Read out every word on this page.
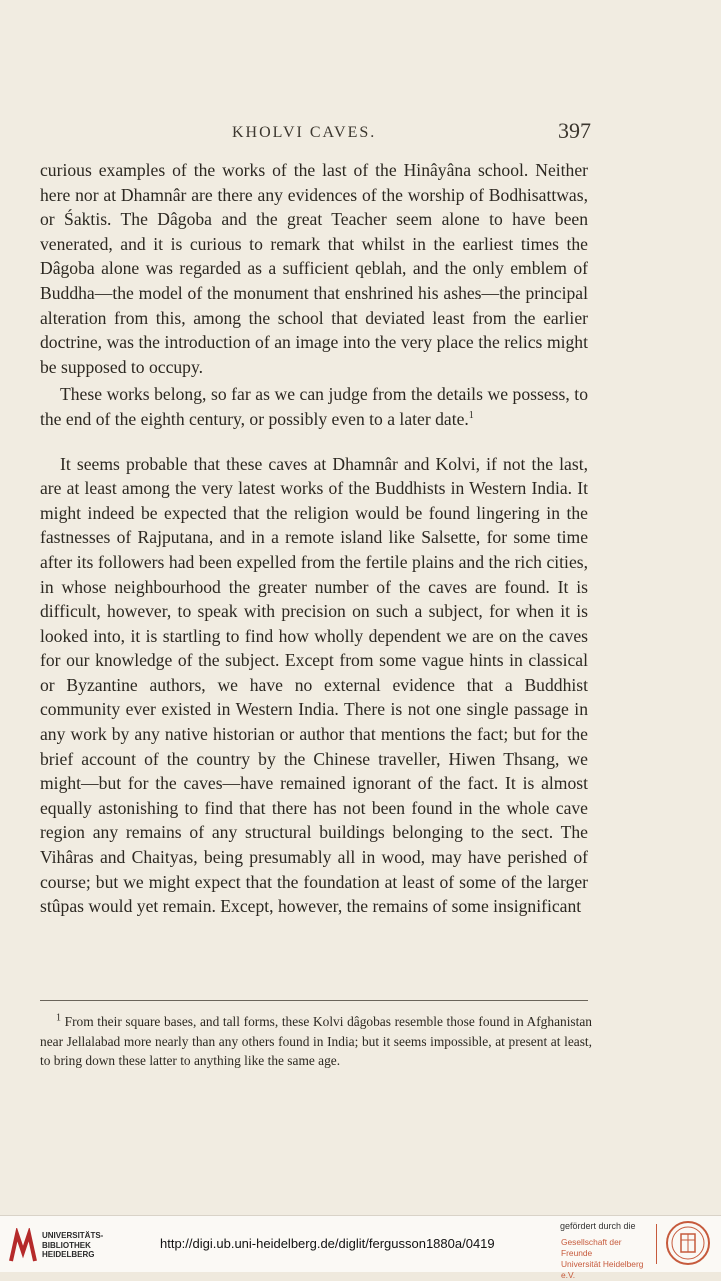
KHOLVI CAVES.	397

curious examples of the works of the last of the Hinâyâna school. Neither here nor at Dhamnâr are there any evidences of the worship of Bodhisattwas, or Śaktis. The Dâgoba and the great Teacher seem alone to have been venerated, and it is curious to remark that whilst in the earliest times the Dâgoba alone was regarded as a sufficient qeblah, and the only emblem of Buddha—the model of the monument that enshrined his ashes—the principal alteration from this, among the school that deviated least from the earlier doctrine, was the introduction of an image into the very place the relics might be supposed to occupy.

These works belong, so far as we can judge from the details we possess, to the end of the eighth century, or possibly even to a later date.$^1$

It seems probable that these caves at Dhamnâr and Kolvi, if not the last, are at least among the very latest works of the Buddhists in Western India. It might indeed be expected that the religion would be found lingering in the fastnesses of Rajputana, and in a remote island like Salsette, for some time after its followers had been expelled from the fertile plains and the rich cities, in whose neighbourhood the greater number of the caves are found. It is difficult, however, to speak with precision on such a subject, for when it is looked into, it is startling to find how wholly dependent we are on the caves for our knowledge of the subject. Except from some vague hints in classical or Byzantine authors, we have no external evidence that a Buddhist community ever existed in Western India. There is not one single passage in any work by any native historian or author that mentions the fact; but for the brief account of the country by the Chinese traveller, Hiwen Thsang, we might—but for the caves—have remained ignorant of the fact. It is almost equally astonishing to find that there has not been found in the whole cave region any remains of any structural buildings belonging to the sect. The Vihâras and Chaityas, being presumably all in wood, may have perished of course; but we might expect that the foundation at least of some of the larger stûpas would yet remain. Except, however, the remains of some insignificant

$^1$ From their square bases, and tall forms, these Kolvi dâgobas resemble those found in Afghanistan near Jellalabad more nearly than any others found in India; but it seems impossible, at present at least, to bring down these latter to anything like the same age.
UNIVERSITÄTS-
BIBLIOTHEK
HEIDELBERG
http://digi.ub.uni-heidelberg.de/diglit/fergusson1880a/0419
gefördert durch die
Gesellschaft der Freunde
Universität Heidelberg e.V.
